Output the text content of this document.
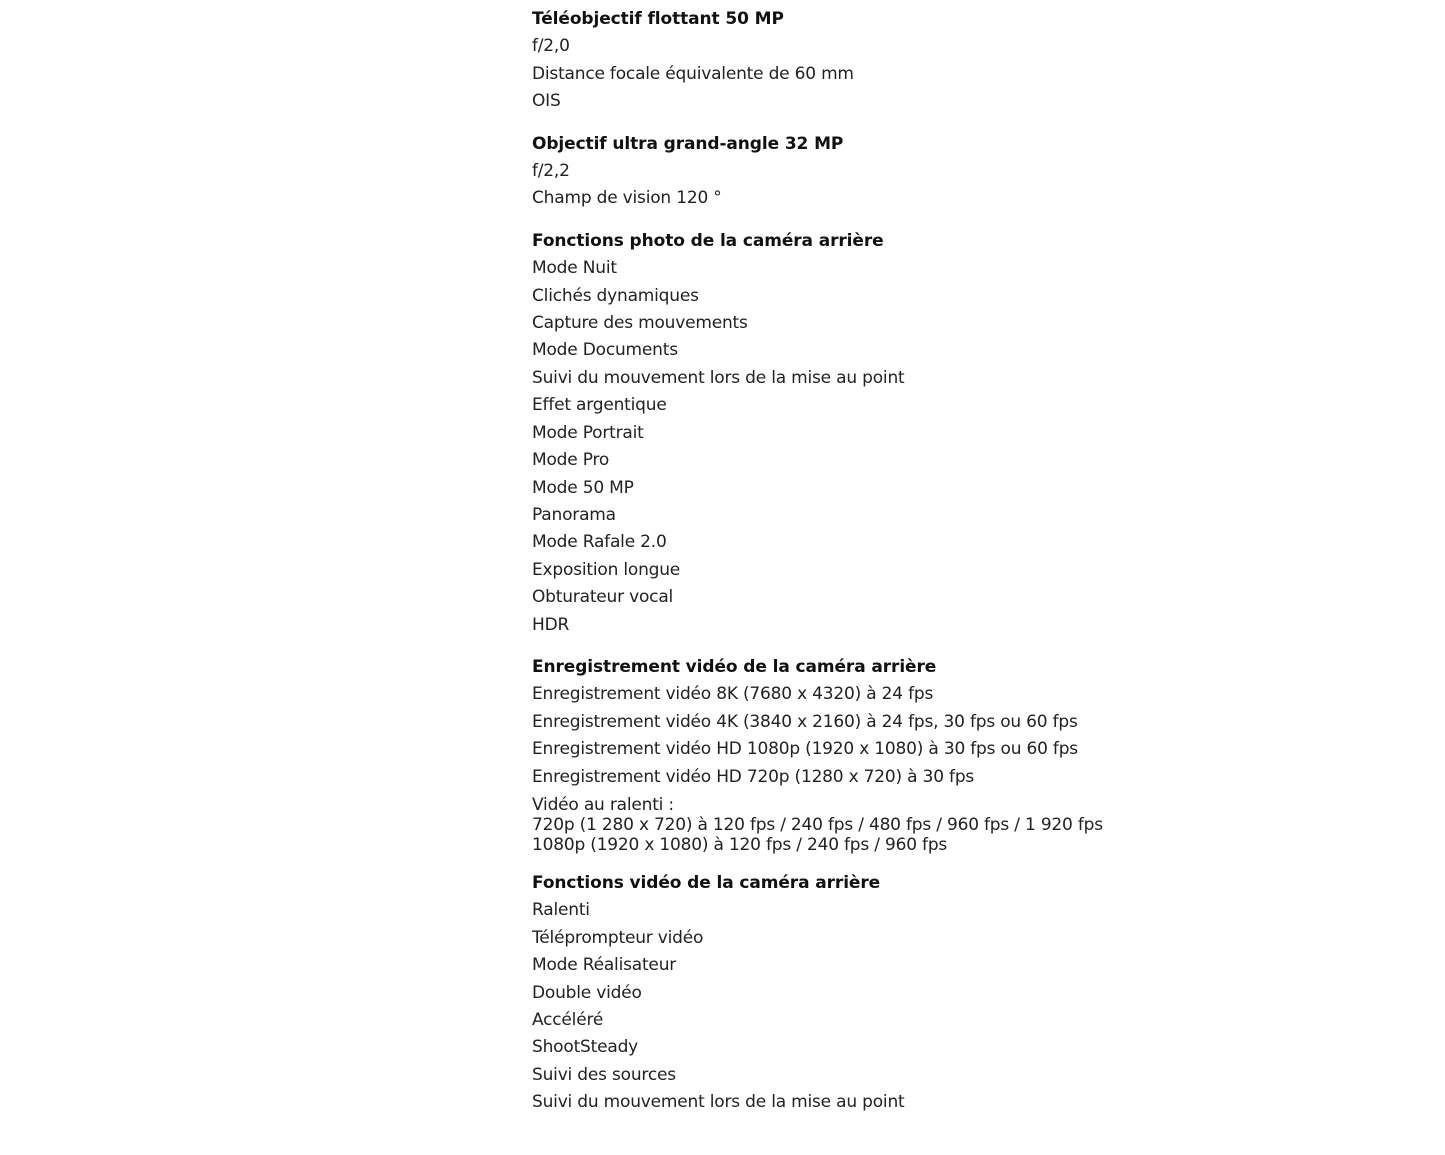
Téléobjectif flottant 50 MP
f/2,0
Distance focale équivalente de 60 mm
OIS
Objectif ultra grand-angle 32 MP
f/2,2
Champ de vision 120 °
Fonctions photo de la caméra arrière
Mode Nuit
Clichés dynamiques
Capture des mouvements
Mode Documents
Suivi du mouvement lors de la mise au point
Effet argentique
Mode Portrait
Mode Pro
Mode 50 MP
Panorama
Mode Rafale 2.0
Exposition longue
Obturateur vocal
HDR
Enregistrement vidéo de la caméra arrière
Enregistrement vidéo 8K (7680 x 4320) à 24 fps
Enregistrement vidéo 4K (3840 x 2160) à 24 fps, 30 fps ou 60 fps
Enregistrement vidéo HD 1080p (1920 x 1080) à 30 fps ou 60 fps
Enregistrement vidéo HD 720p (1280 x 720) à 30 fps
Vidéo au ralenti :
720p (1 280 x 720) à 120 fps / 240 fps / 480 fps / 960 fps / 1 920 fps
1080p (1920 x 1080) à 120 fps / 240 fps / 960 fps
Fonctions vidéo de la caméra arrière
Ralenti
Téléprompteur vidéo
Mode Réalisateur
Double vidéo
Accéléré
ShootSteady
Suivi des sources
Suivi du mouvement lors de la mise au point
